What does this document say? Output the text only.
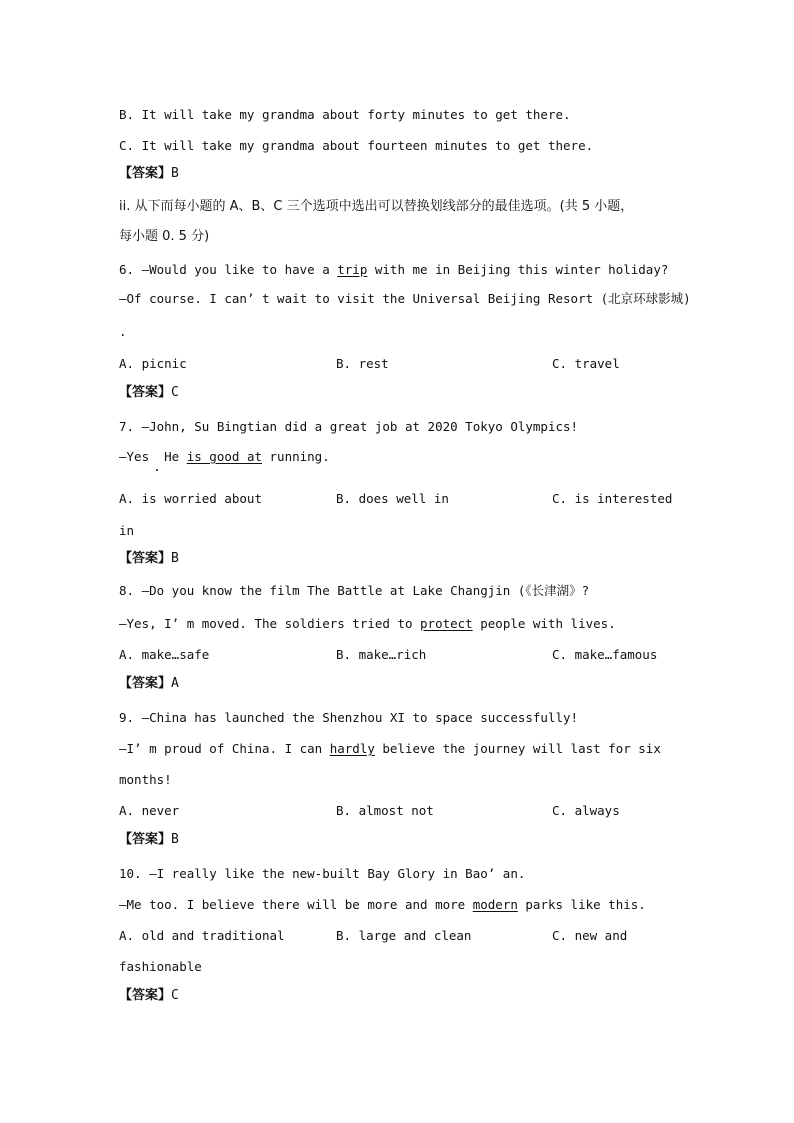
B. It will take my grandma about forty minutes to get there.
C. It will take my grandma about fourteen minutes to get there.
【答案】B
ii. 从下而每小题的 A、B、C 三个选项中选出可以替换划线部分的最佳选项。(共 5 小题，
每小题 0. 5 分)
6. —Would you like to have a trip with me in Beijing this winter holiday?
—Of course. I can’ t wait to visit the Universal Beijing Resort (北京环球影城)
.
A. picnic	B. rest	C. travel
【答案】C
7. —John, Su Bingtian did a great job at 2020 Tokyo Olympics!
—Yes  He is good at running.
A. is worried about	B. does well in	C. is interested
in
【答案】B
8. —Do you know the film The Battle at Lake Changjin (《长津湖》?
—Yes, I’ m moved. The soldiers tried to protect people with lives.
A. make…safe	B. make…rich	C. make…famous
【答案】A
9. —China has launched the Shenzhou XI to space successfully!
—I’ m proud of China. I can hardly believe the journey will last for six
months!
A. never	B. almost not	C. always
【答案】B
10. —I really like the new-built Bay Glory in Bao’ an.
—Me too. I believe there will be more and more modern parks like this.
A. old and traditional	B. large and clean	C. new and
fashionable
【答案】C
